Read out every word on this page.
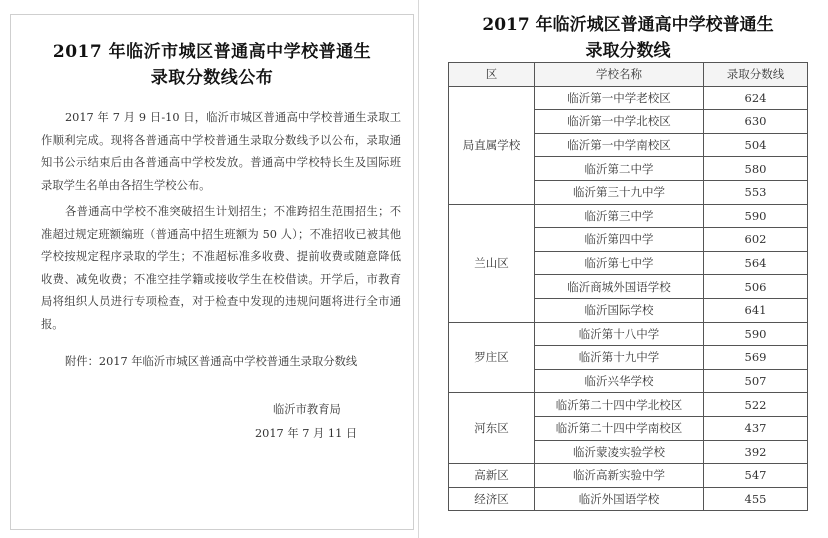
2017 年临沂市城区普通高中学校普通生
录取分数线公布
2017 年 7 月 9 日-10 日，临沂市城区普通高中学校普通生录取工作顺利完成。现将各普通高中学校普通生录取分数线予以公布，录取通知书公示结束后由各普通高中学校发放。普通高中学校特长生及国际班录取学生名单由各招生学校公布。
各普通高中学校不准突破招生计划招生；不准跨招生范围招生；不准超过规定班额编班（普通高中招生班额为 50 人）；不准招收已被其他学校按规定程序录取的学生；不准超标准多收费、提前收费或随意降低收费、减免收费；不准空挂学籍或接收学生在校借读。开学后，市教育局将组织人员进行专项检查，对于检查中发现的违规问题将进行全市通报。
附件：2017 年临沂市城区普通高中学校普通生录取分数线
临沂市教育局
2017 年 7 月 11 日
2017 年临沂城区普通高中学校普通生
录取分数线
区	学校名称	录取分数线
局直属学校	临沂第一中学老校区	624
	临沂第一中学北校区	630
	临沂第一中学南校区	504
	临沂第二中学	580
	临沂第三十九中学	553
兰山区	临沂第三中学	590
	临沂第四中学	602
	临沂第七中学	564
	临沂商城外国语学校	506
	临沂国际学校	641
罗庄区	临沂第十八中学	590
	临沂第十九中学	569
	临沂兴华学校	507
河东区	临沂第二十四中学北校区	522
	临沂第二十四中学南校区	437
	临沂蒙凌实验学校	392
高新区	临沂高新实验中学	547
经济区	临沂外国语学校	455
